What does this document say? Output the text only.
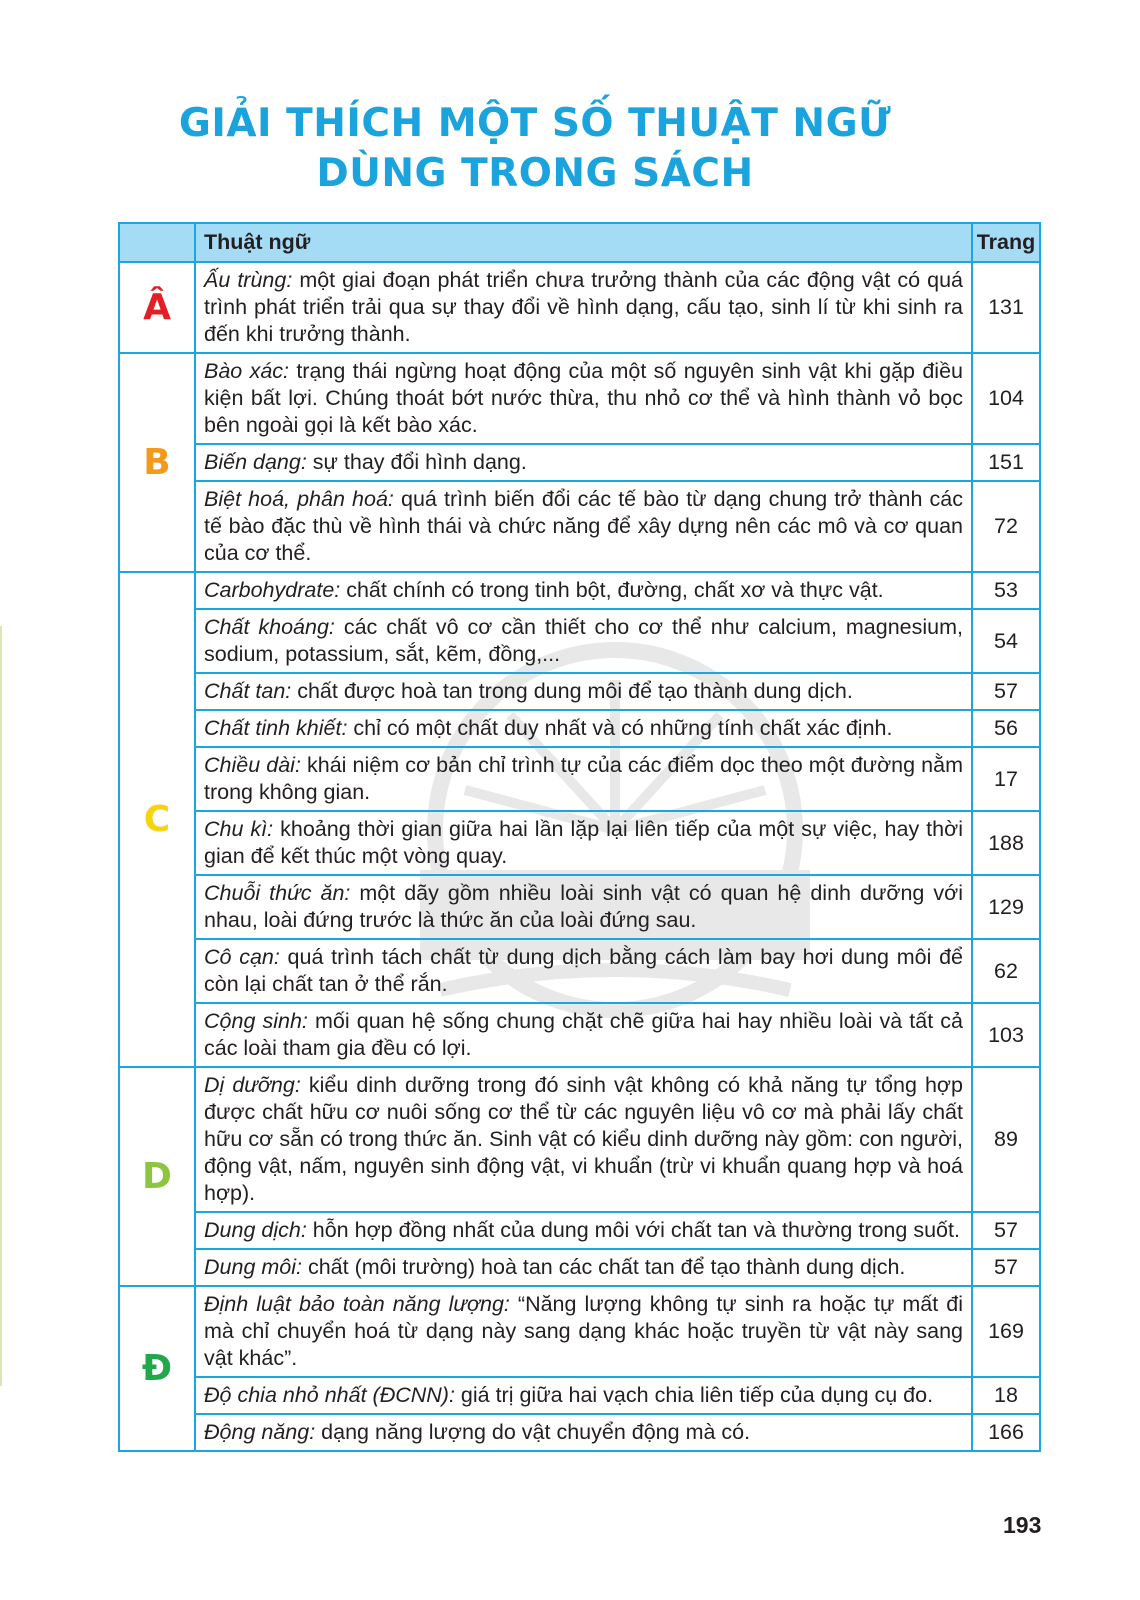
GIẢI THÍCH MỘT SỐ THUẬT NGỮ
DÙNG TRONG SÁCH
	Thuật ngữ	Trang
Â	Ấu trùng: một giai đoạn phát triển chưa trưởng thành của các động vật có quá trình phát triển trải qua sự thay đổi về hình dạng, cấu tạo, sinh lí từ khi sinh ra đến khi trưởng thành.	131
B	Bào xác: trạng thái ngừng hoạt động của một số nguyên sinh vật khi gặp điều kiện bất lợi. Chúng thoát bớt nước thừa, thu nhỏ cơ thể và hình thành vỏ bọc bên ngoài gọi là kết bào xác.	104
	Biến dạng: sự thay đổi hình dạng.	151
	Biệt hoá, phân hoá: quá trình biến đổi các tế bào từ dạng chung trở thành các tế bào đặc thù về hình thái và chức năng để xây dựng nên các mô và cơ quan của cơ thể.	72
C	Carbohydrate: chất chính có trong tinh bột, đường, chất xơ và thực vật.	53
	Chất khoáng: các chất vô cơ cần thiết cho cơ thể như calcium, magnesium, sodium, potassium, sắt, kẽm, đồng,...	54
	Chất tan: chất được hoà tan trong dung môi để tạo thành dung dịch.	57
	Chất tinh khiết: chỉ có một chất duy nhất và có những tính chất xác định.	56
	Chiều dài: khái niệm cơ bản chỉ trình tự của các điểm dọc theo một đường nằm trong không gian.	17
	Chu kì: khoảng thời gian giữa hai lần lặp lại liên tiếp của một sự việc, hay thời gian để kết thúc một vòng quay.	188
	Chuỗi thức ăn: một dãy gồm nhiều loài sinh vật có quan hệ dinh dưỡng với nhau, loài đứng trước là thức ăn của loài đứng sau.	129
	Cô cạn: quá trình tách chất từ dung dịch bằng cách làm bay hơi dung môi để còn lại chất tan ở thể rắn.	62
	Cộng sinh: mối quan hệ sống chung chặt chẽ giữa hai hay nhiều loài và tất cả các loài tham gia đều có lợi.	103
D	Dị dưỡng: kiểu dinh dưỡng trong đó sinh vật không có khả năng tự tổng hợp được chất hữu cơ nuôi sống cơ thể từ các nguyên liệu vô cơ mà phải lấy chất hữu cơ sẵn có trong thức ăn. Sinh vật có kiểu dinh dưỡng này gồm: con người, động vật, nấm, nguyên sinh động vật, vi khuẩn (trừ vi khuẩn quang hợp và hoá hợp).	89
	Dung dịch: hỗn hợp đồng nhất của dung môi với chất tan và thường trong suốt.	57
	Dung môi: chất (môi trường) hoà tan các chất tan để tạo thành dung dịch.	57
Đ	Định luật bảo toàn năng lượng: “Năng lượng không tự sinh ra hoặc tự mất đi mà chỉ chuyển hoá từ dạng này sang dạng khác hoặc truyền từ vật này sang vật khác”.	169
	Độ chia nhỏ nhất (ĐCNN): giá trị giữa hai vạch chia liên tiếp của dụng cụ đo.	18
	Động năng: dạng năng lượng do vật chuyển động mà có.	166
193
